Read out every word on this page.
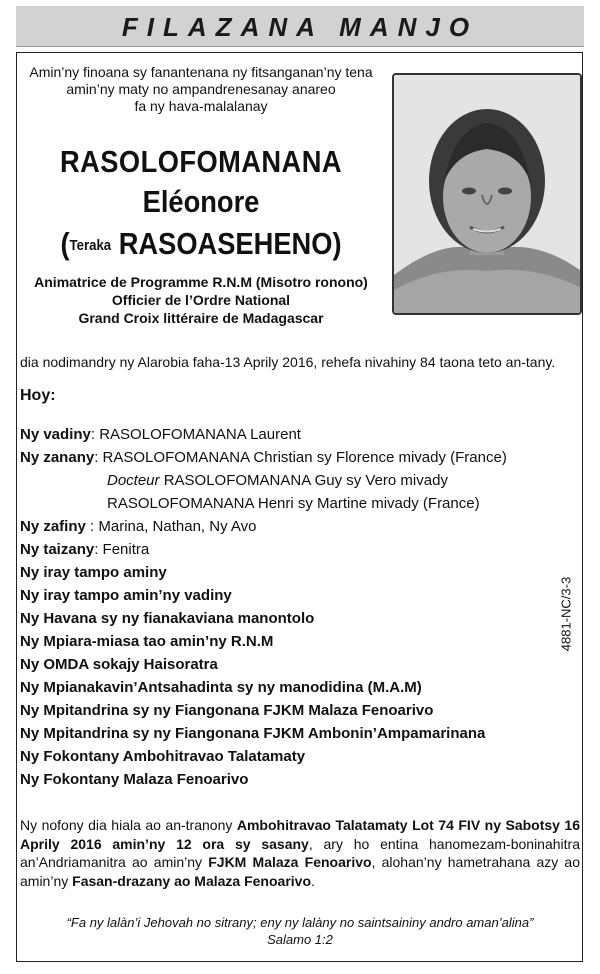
FILAZANA MANJO
Amin’ny finoana sy fanantenana ny fitsanganan’ny tena
amin’ny maty no ampandrenesanay anareo
fa ny hava-malalanay
RASOLOFOMANANA
Eléonore
(Teraka RASOASEHENO)
Animatrice de Programme R.N.M (Misotro ronono)
Officier de l’Ordre National
Grand Croix littéraire de Madagascar
dia nodimandry ny Alarobia faha-13 Aprily 2016, rehefa nivahiny 84 taona teto an-tany.
Hoy:
Ny vadiny: RASOLOFOMANANA Laurent
Ny zanany: RASOLOFOMANANA Christian sy Florence mivady (France)
Docteur RASOLOFOMANANA Guy sy Vero mivady
RASOLOFOMANANA Henri sy Martine mivady (France)
Ny zafiny : Marina, Nathan, Ny Avo
Ny taizany: Fenitra
Ny iray tampo aminy
Ny iray tampo amin’ny vadiny
Ny Havana sy ny fianakaviana manontolo
Ny Mpiara-miasa tao amin’ny R.N.M
Ny OMDA sokajy Haisoratra
Ny Mpianakavin’Antsahadinta sy ny manodidina (M.A.M)
Ny Mpitandrina sy ny Fiangonana FJKM Malaza Fenoarivo
Ny Mpitandrina sy ny Fiangonana FJKM Ambonin’Ampamarinana
Ny Fokontany Ambohitravao Talatamaty
Ny Fokontany Malaza Fenoarivo
4881-NC/3-3
Ny nofony dia hiala ao an-tranony Ambohitravao Talatamaty Lot 74 FIV ny Sabotsy 16 Aprily 2016 amin’ny 12 ora sy sasany, ary ho entina hanomezam-boninahitra an’Andriamanitra ao amin’ny FJKM Malaza Fenoarivo, alohan’ny hametrahana azy ao amin’ny Fasan-drazany ao Malaza Fenoarivo.
“Fa ny lalàn’i Jehovah no sitrany; eny ny lalàny no saintsaininy andro aman’alina”
Salamo 1:2
